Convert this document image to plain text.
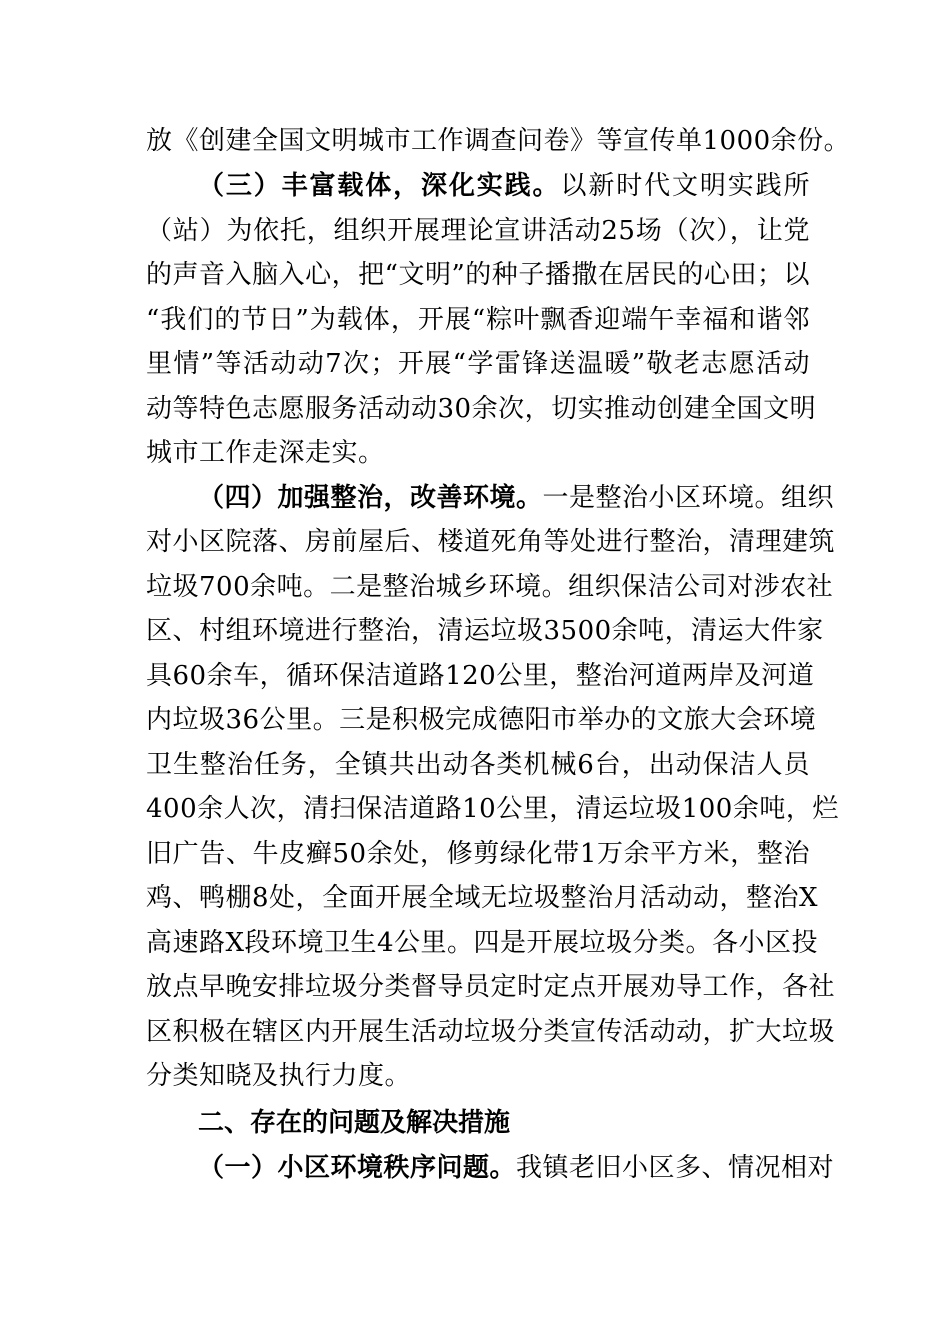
放《创建全国文明城市工作调查问卷》等宣传单1000余份。
（三）丰富载体，深化实践。以新时代文明实践所
（站）为依托，组织开展理论宣讲活动25场（次），让党
的声音入脑入心，把“文明”的种子播撒在居民的心田；以
“我们的节日”为载体，开展“粽叶飘香迎端午幸福和谐邻
里情”等活动动7次；开展“学雷锋送温暖”敬老志愿活动
动等特色志愿服务活动动30余次，切实推动创建全国文明
城市工作走深走实。
（四）加强整治，改善环境。一是整治小区环境。组织
对小区院落、房前屋后、楼道死角等处进行整治，清理建筑
垃圾700余吨。二是整治城乡环境。组织保洁公司对涉农社
区、村组环境进行整治，清运垃圾3500余吨，清运大件家
具60余车，循环保洁道路120公里，整治河道两岸及河道
内垃圾36公里。三是积极完成德阳市举办的文旅大会环境
卫生整治任务，全镇共出动各类机械6台，出动保洁人员
400余人次，清扫保洁道路10公里，清运垃圾100余吨，烂
旧广告、牛皮癣50余处，修剪绿化带1万余平方米，整治
鸡、鸭棚8处，全面开展全域无垃圾整治月活动动，整治X
高速路X段环境卫生4公里。四是开展垃圾分类。各小区投
放点早晚安排垃圾分类督导员定时定点开展劝导工作，各社
区积极在辖区内开展生活动垃圾分类宣传活动动，扩大垃圾
分类知晓及执行力度。
二、存在的问题及解决措施
（一）小区环境秩序问题。我镇老旧小区多、情况相对
